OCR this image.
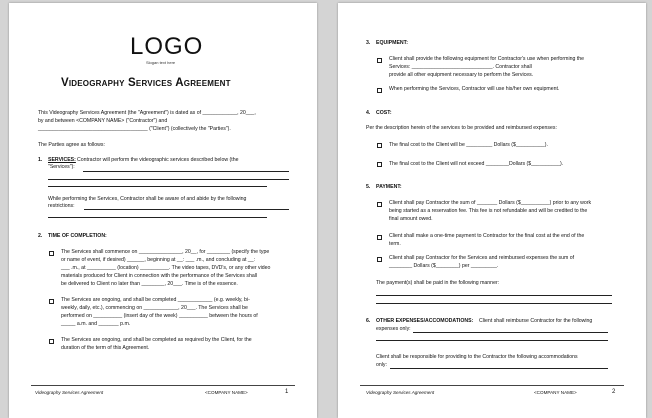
LOGO
Slogan text here
Videography Services Agreement
This Videography Services Agreement (the "Agreement") is dated as of ____________, 20___,
by and between <COMPANY NAME> ("Contractor") and
______________________________________ ("Client") (collectively the "Parties").
The Parties agree as follows:
1. SERVICES: Contractor will perform the videographic services described below (the
"Services"):
While performing the Services, Contractor shall be aware of and abide by the following
restrictions:
2. TIME OF COMPLETION:
The Services shall commence on _______________, 20__, for ________ (specify the type
or name of event, if desired) ______, beginning at __: ___ .m., and concluding at __:
___ .m., at __________ (location) __________. The video tapes, DVD's, or any other video
materials produced for Client in connection with the performance of the Services shall
be delivered to Client no later than ________, 20___. Time is of the essence.
The Services are ongoing, and shall be completed ____________ (e.g. weekly, bi-
weekly, daily, etc.), commencing on ____________, 20___. The Services shall be
performed on __________ (insert day of the week) __________ between the hours of
_____ a.m. and _______ p.m.
The Services are ongoing, and shall be completed as required by the Client, for the
duration of the term of this Agreement.
Videography Services Agreement	<COMPANY NAME>	1
3. EQUIPMENT:
Client shall provide the following equipment for Contractor's use when performing the
Services: ____________________________. Contractor shall
provide all other equipment necessary to perform the Services.
When performing the Services, Contractor will use his/her own equipment.
4. COST:
Per the description herein of the services to be provided and reimbursed expenses:
The final cost to the Client will be _________ Dollars ($__________).
The final cost to the Client will not exceed ________Dollars ($__________).
5. PAYMENT:
Client shall pay Contractor the sum of _______ Dollars ($__________) prior to any work
being started as a reservation fee. This fee is not refundable and will be credited to the
final amount owed.
Client shall make a one-time payment to Contractor for the final cost at the end of the
term.
Client shall pay Contractor for the Services and reimbursed expenses the sum of
________ Dollars ($________) per _________.
The payment(s) shall be paid in the following manner:
6. OTHER EXPENSES/ACCOMODATIONS: Client shall reimburse Contractor for the following
expenses only:
Client shall be responsible for providing to the Contractor the following accommodations
only:
Videography Services Agreement	<COMPANY NAME>	2
